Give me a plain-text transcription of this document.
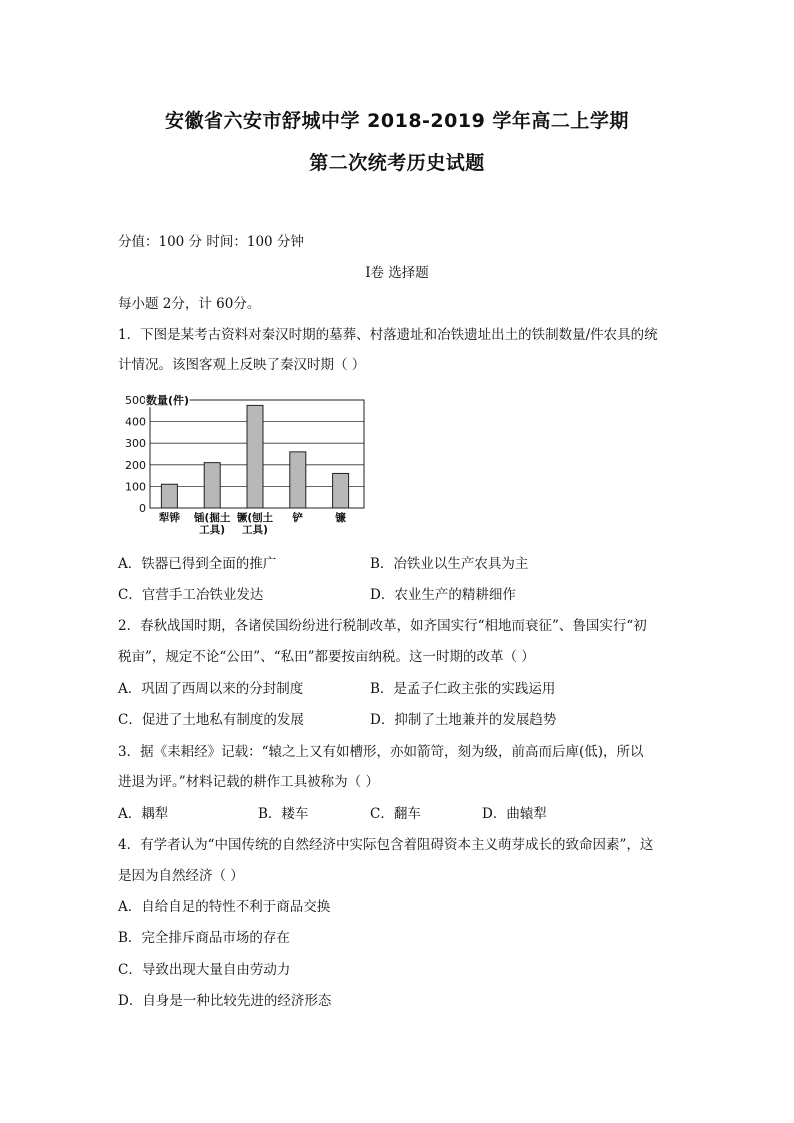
安徽省六安市舒城中学 2018-2019 学年高二上学期
第二次统考历史试题
分值：100 分 时间：100 分钟
Ⅰ卷 选择题
每小题 2分，计 60分。
1．下图是某考古资料对秦汉时期的墓葬、村落遗址和冶铁遗址出土的铁制数量/件农具的统
计情况。该图客观上反映了秦汉时期（ ）
0
100
200
300
400
500 数量(件)
犁铧 锸(掘土
工具)
镢(刨土
工具)
铲	镰
A．铁器已得到全面的推广	B．冶铁业以生产农具为主
C．官营手工冶铁业发达	D．农业生产的精耕细作
2．春秋战国时期，各诸侯国纷纷进行税制改革，如齐国实行“相地而衰征”、鲁国实行“初
税亩”，规定不论“公田”、“私田”都要按亩纳税。这一时期的改革（ ）
A．巩固了西周以来的分封制度	B．是孟子仁政主张的实践运用
C．促进了土地私有制度的发展	D．抑制了土地兼并的发展趋势
3．据《耒耜经》记载：“辕之上又有如槽形，亦如箭笴，刻为级，前高而后庳(低)，所以
进退为评。”材料记载的耕作工具被称为（ ）
A．耦犁	B．耧车	C．翻车	D．曲辕犁
4．有学者认为“中国传统的自然经济中实际包含着阻碍资本主义萌芽成长的致命因素”，这
是因为自然经济（ ）
A．自给自足的特性不利于商品交换
B．完全排斥商品市场的存在
C．导致出现大量自由劳动力
D．自身是一种比较先进的经济形态
